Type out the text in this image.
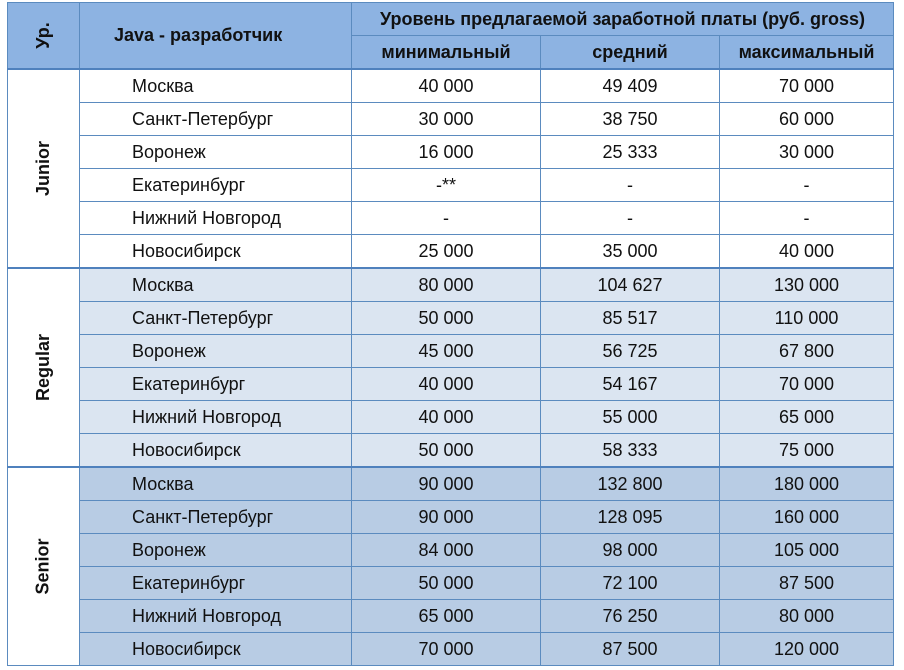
Ур.	Java - разработчик	Уровень предлагаемой заработной платы (руб. gross)		
		минимальный	средний	максимальный
Junior	Москва	40 000	49 409	70 000
	Санкт-Петербург	30 000	38 750	60 000
	Воронеж	16 000	25 333	30 000
	Екатеринбург	-**	-	-
	Нижний Новгород	-	-	-
	Новосибирск	25 000	35 000	40 000
Regular	Москва	80 000	104 627	130 000
	Санкт-Петербург	50 000	85 517	110 000
	Воронеж	45 000	56 725	67 800
	Екатеринбург	40 000	54 167	70 000
	Нижний Новгород	40 000	55 000	65 000
	Новосибирск	50 000	58 333	75 000
Senior	Москва	90 000	132 800	180 000
	Санкт-Петербург	90 000	128 095	160 000
	Воронеж	84 000	98 000	105 000
	Екатеринбург	50 000	72 100	87 500
	Нижний Новгород	65 000	76 250	80 000
	Новосибирск	70 000	87 500	120 000
